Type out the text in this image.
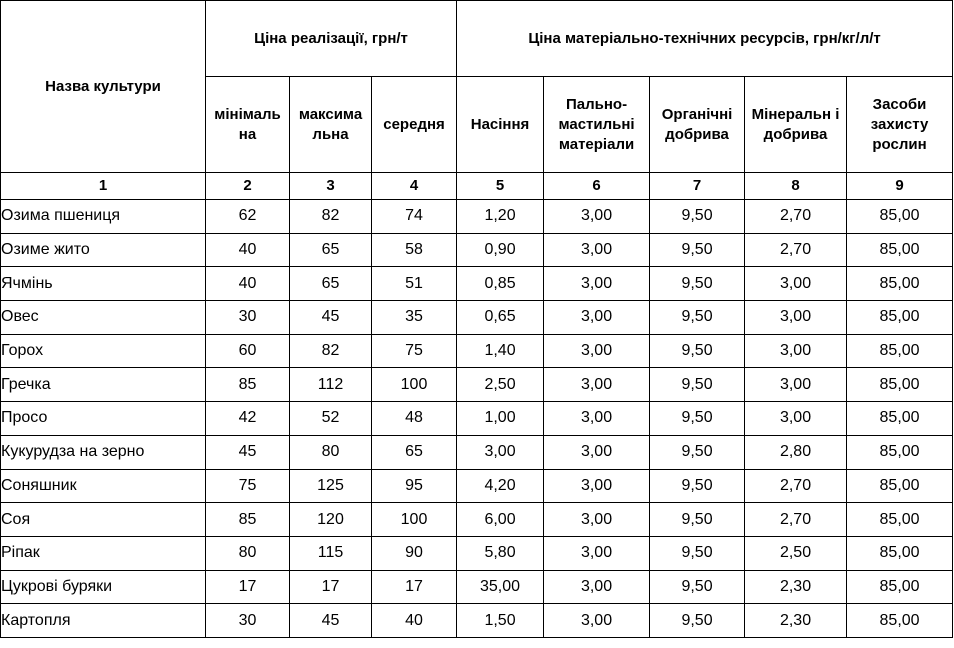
Назва культури	Ціна реалізації, грн/т			Ціна матеріально-технічних ресурсів, грн/кг/л/т				
	мінімаль на	максима льна	середня	Насіння	Пально- мастильні матеріали	Органічні добрива	Мінеральн і добрива	Засоби захисту рослин
1	2	3	4	5	6	7	8	9
Озима пшениця	62	82	74	1,20	3,00	9,50	2,70	85,00
Озиме жито	40	65	58	0,90	3,00	9,50	2,70	85,00
Ячмінь	40	65	51	0,85	3,00	9,50	3,00	85,00
Овес	30	45	35	0,65	3,00	9,50	3,00	85,00
Горох	60	82	75	1,40	3,00	9,50	3,00	85,00
Гречка	85	112	100	2,50	3,00	9,50	3,00	85,00
Просо	42	52	48	1,00	3,00	9,50	3,00	85,00
Кукурудза на зерно	45	80	65	3,00	3,00	9,50	2,80	85,00
Соняшник	75	125	95	4,20	3,00	9,50	2,70	85,00
Соя	85	120	100	6,00	3,00	9,50	2,70	85,00
Ріпак	80	115	90	5,80	3,00	9,50	2,50	85,00
Цукрові буряки	17	17	17	35,00	3,00	9,50	2,30	85,00
Картопля	30	45	40	1,50	3,00	9,50	2,30	85,00
